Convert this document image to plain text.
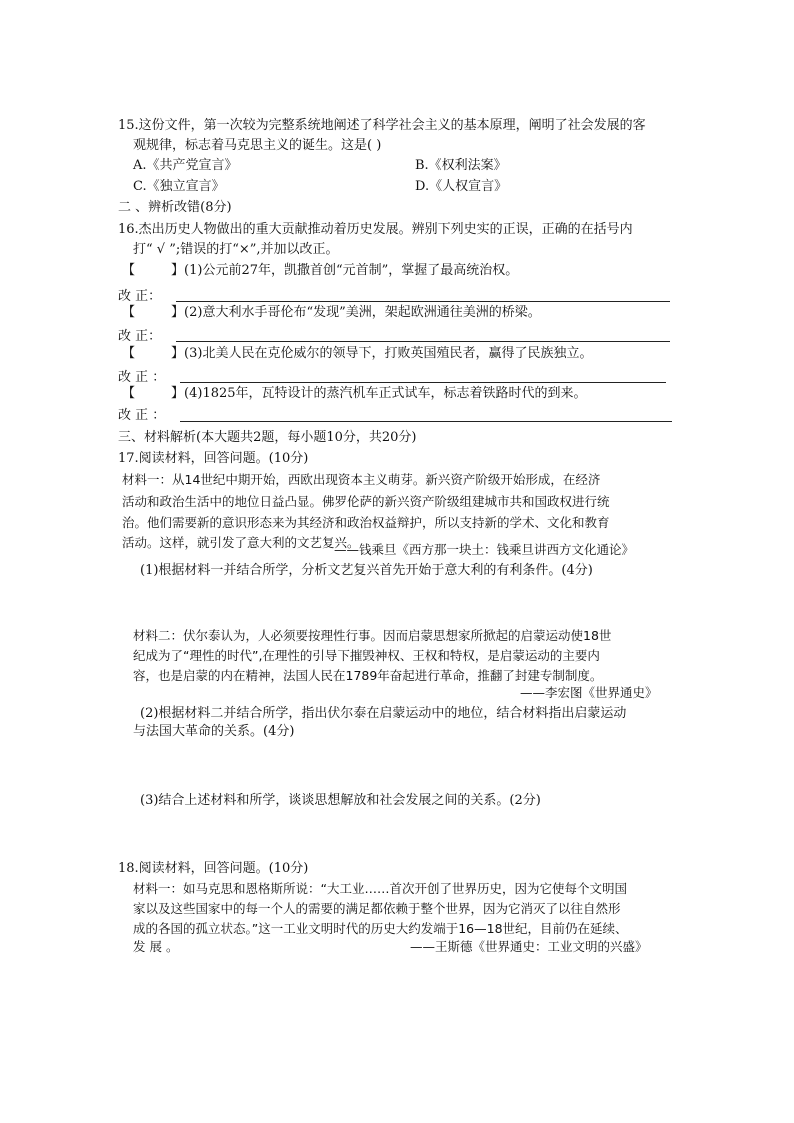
15.这份文件，第一次较为完整系统地阐述了科学社会主义的基本原理，阐明了社会发展的客
观规律，标志着马克思主义的诞生。这是( )
A.《共产党宣言》	B.《权利法案》
C.《独立宣言》	D.《人权宣言》
二 、辨析改错(8分)
16.杰出历史人物做出的重大贡献推动着历史发展。辨别下列史实的正误，正确的在括号内
打“ √ ”;错误的打“×”,并加以改正。
【	】(1)公元前27年，凯撒首创“元首制”，掌握了最高统治权。
改 正：
【	】(2)意大利水手哥伦布“发现”美洲，架起欧洲通往美洲的桥梁。
改 正：
【	】(3)北美人民在克伦威尔的领导下，打败英国殖民者，赢得了民族独立。
改 正 ：
【	】(4)1825年，瓦特设计的蒸汽机车正式试车，标志着铁路时代的到来。
改 正 ：
三、材料解析(本大题共2题，每小题10分，共20分)
17.阅读材料，回答问题。(10分)
材料一：从14世纪中期开始，西欧出现资本主义萌芽。新兴资产阶级开始形成，在经济
活动和政治生活中的地位日益凸显。佛罗伦萨的新兴资产阶级组建城市共和国政权进行统
治。他们需要新的意识形态来为其经济和政治权益辩护，所以支持新的学术、文化和教育
活动。这样，就引发了意大利的文艺复兴。
——钱乘旦《西方那一块土：钱乘旦讲西方文化通论》
(1)根据材料一并结合所学，分析文艺复兴首先开始于意大利的有利条件。(4分)
材料二：伏尔泰认为，人必须要按理性行事。因而启蒙思想家所掀起的启蒙运动使18世
纪成为了“理性的时代”,在理性的引导下摧毁神权、王权和特权，是启蒙运动的主要内
容，也是启蒙的内在精神，法国人民在1789年奋起进行革命，推翻了封建专制制度。
——李宏图《世界通史》
(2)根据材料二并结合所学，指出伏尔泰在启蒙运动中的地位，结合材料指出启蒙运动
与法国大革命的关系。(4分)
(3)结合上述材料和所学，谈谈思想解放和社会发展之间的关系。(2分)
18.阅读材料，回答问题。(10分)
材料一：如马克思和恩格斯所说：“大工业……首次开创了世界历史，因为它使每个文明国
家以及这些国家中的每一个人的需要的满足都依赖于整个世界，因为它消灭了以往自然形
成的各国的孤立状态。”这一工业文明时代的历史大约发端于16—18世纪，目前仍在延续、
发 展 。	——王斯德《世界通史：工业文明的兴盛》
